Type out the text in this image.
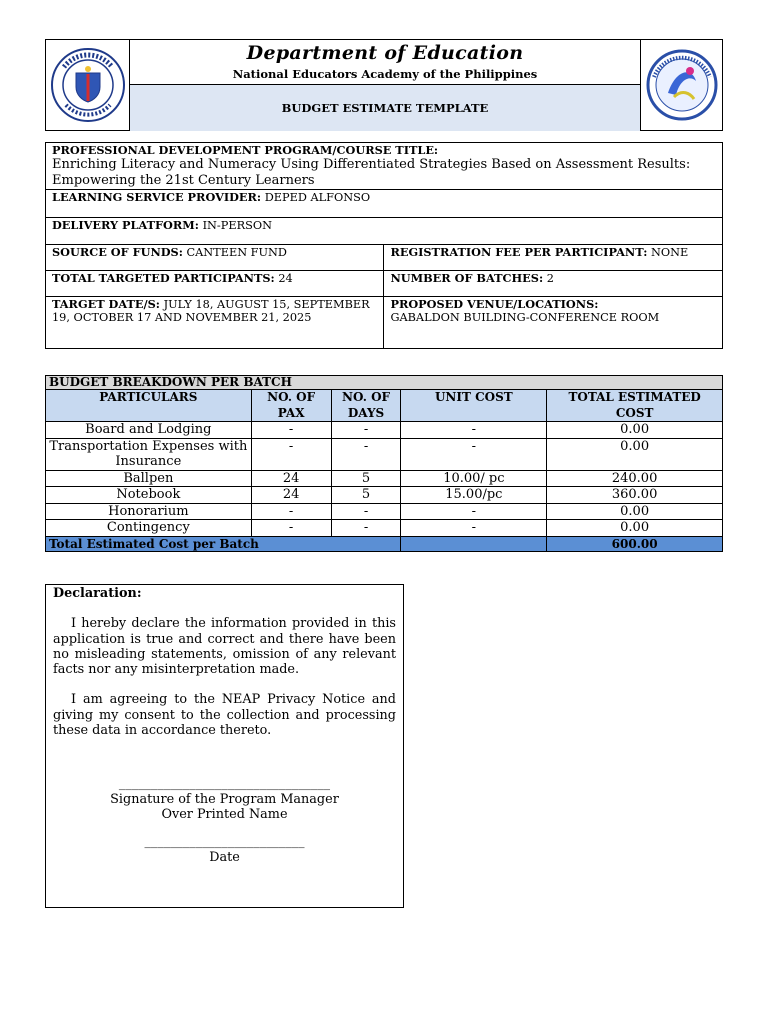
Department of Education
National Educators Academy of the Philippines
BUDGET ESTIMATE TEMPLATE
PROFESSIONAL DEVELOPMENT PROGRAM/COURSE TITLE:
Enriching Literacy and Numeracy Using Differentiated Strategies Based on Assessment Results: Empowering the 21st Century Learners	
LEARNING SERVICE PROVIDER: DEPED ALFONSO	
DELIVERY PLATFORM: IN-PERSON	
SOURCE OF FUNDS: CANTEEN FUND	REGISTRATION FEE PER PARTICIPANT: NONE
TOTAL TARGETED PARTICIPANTS: 24	NUMBER OF BATCHES: 2
TARGET DATE/S: JULY 18, AUGUST 15, SEPTEMBER 19, OCTOBER 17 AND NOVEMBER 21, 2025	PROPOSED VENUE/LOCATIONS:
GABALDON BUILDING-CONFERENCE ROOM
BUDGET BREAKDOWN PER BATCH				
PARTICULARS	NO. OF PAX	NO. OF DAYS	UNIT COST	TOTAL ESTIMATED COST
Board and Lodging	-	-	-	0.00
Transportation Expenses with Insurance	-	-	-	0.00
Ballpen	24	5	10.00/ pc	240.00
Notebook	24	5	15.00/pc	360.00
Honorarium	-	-	-	0.00
Contingency	-	-	-	0.00
Total Estimated Cost per Batch				600.00
Declaration:

I hereby declare the information provided in this application is true and correct and there have been no misleading statements, omission of any relevant facts nor any misinterpretation made.

I am agreeing to the NEAP Privacy Notice and giving my consent to the collection and processing these data in accordance thereto.

_________________________________
Signature of the Program Manager
Over Printed Name
_________________________
Date
